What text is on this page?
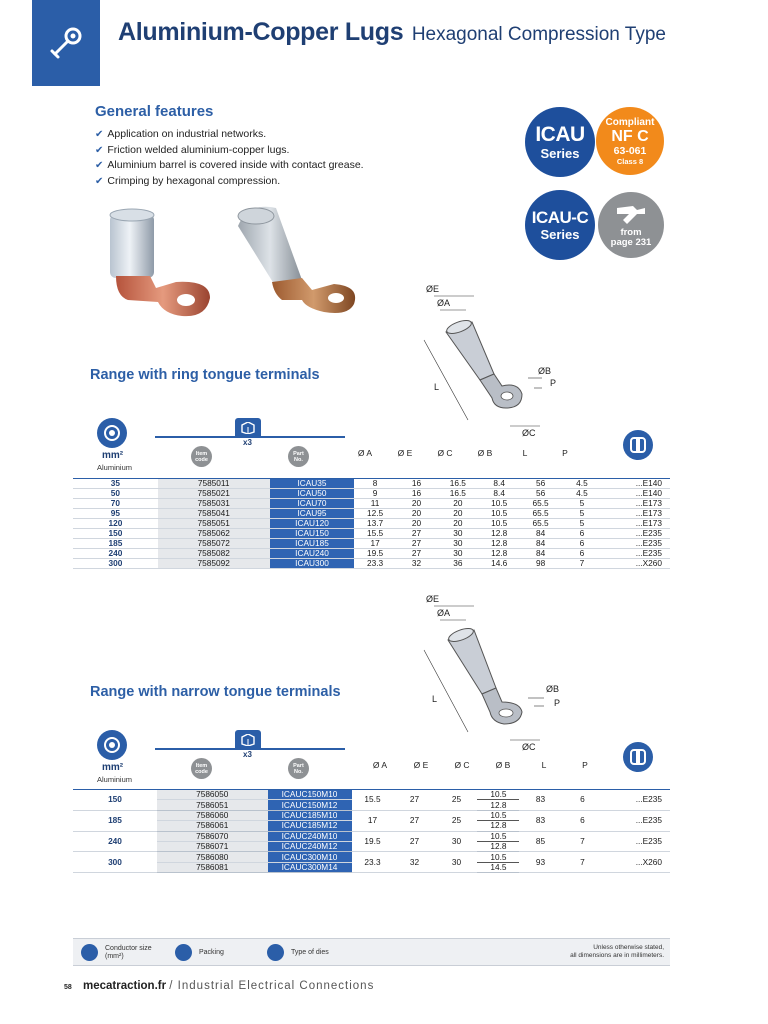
Aluminium-Copper Lugs Hexagonal Compression Type
General features
✔ Application on industrial networks.
✔ Friction welded aluminium-copper lugs.
✔ Aluminium barrel is covered inside with contact grease.
✔ Crimping by hexagonal compression.
ICAU
Series
Compliant
NF C
63-061
Class 8
ICAU-C
Series	from
page 231
ØE
ØA
ØB
P
L
ØC
Range with ring tongue terminals
mm²
Aluminium
x3
Item
code
Part
No.
Ø A	Ø E	Ø C	Ø B	L	P
35	7585011	ICAU35	8	16	16.5	8.4	56	4.5	...E140
50	7585021	ICAU50	9	16	16.5	8.4	56	4.5	...E140
70	7585031	ICAU70	11	20	20	10.5	65.5	5	...E173
95	7585041	ICAU95	12.5	20	20	10.5	65.5	5	...E173
120	7585051	ICAU120	13.7	20	20	10.5	65.5	5	...E173
150	7585062	ICAU150	15.5	27	30	12.8	84	6	...E235
185	7585072	ICAU185	17	27	30	12.8	84	6	...E235
240	7585082	ICAU240	19.5	27	30	12.8	84	6	...E235
300	7585092	ICAU300	23.3	32	36	14.6	98	7	...X260
ØE
ØA
ØB
P
L
ØC
Range with narrow tongue terminals
mm²
Aluminium
x3
Item
code
Part
No.
Ø A	Ø E	Ø C	Ø B	L	P
150	7586050	ICAUC150M10	15.5	27	25	10.5	83	6	...E235
	7586051	ICAUC150M12				12.8			
185	7586060	ICAUC185M10	17	27	25	10.5	83	6	...E235
	7586061	ICAUC185M12				12.8			
240	7586070	ICAUC240M10	19.5	27	30	10.5	85	7	...E235
	7586071	ICAUC240M12				12.8			
300	7586080	ICAUC300M10	23.3	32	30	10.5	93	7	...X260
	7586081	ICAUC300M14				14.5			
Conductor size
(mm²)
Packing	Type of dies
Unless otherwise stated,
all dimensions are in millimeters.
58 mecatraction.fr / Industrial Electrical Connections
